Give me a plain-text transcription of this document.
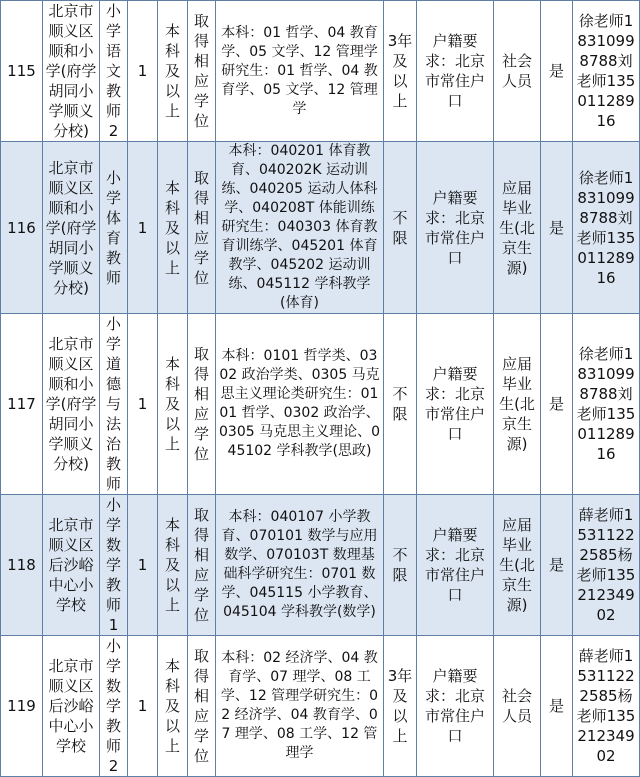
115	北京市顺义区顺和小学(府学胡同小学顺义分校)	小学语文教师2	1	本科及以上	取得相应学位	本科：01 哲学、04 教育学、05 文学、12 管理学研究生：01 哲学、04 教育学、05 文学、12 管理学	3年及以上	户籍要求：北京市常住户口	社会人员	是	徐老师18310998788刘老师13501128916
116	北京市顺义区顺和小学(府学胡同小学顺义分校)	小学体育教师	1	本科及以上	取得相应学位	本科：040201 体育教育、040202K 运动训练、040205 运动人体科学、040208T 体能训练研究生：040303 体育教育训练学、045201 体育教学、045202 运动训练、045112 学科教学(体育)	不限	户籍要求：北京市常住户口	应届毕业生(北京生源)	是	徐老师18310998788刘老师13501128916
117	北京市顺义区顺和小学(府学胡同小学顺义分校)	小学道德与法治教师	1	本科及以上	取得相应学位	本科：0101 哲学类、0302 政治学类、0305 马克思主义理论类研究生：0101 哲学、0302 政治学、0305 马克思主义理论、045102 学科教学(思政)	不限	户籍要求：北京市常住户口	应届毕业生(北京生源)	是	徐老师18310998788刘老师13501128916
118	北京市顺义区后沙峪中心小学校	小学数学教师1	1	本科及以上	取得相应学位	本科：040107 小学教育、070101 数学与应用数学、070103T 数理基础科学研究生：0701 数学、045115 小学教育、045104 学科教学(数学)	不限	户籍要求：北京市常住户口	应届毕业生(北京生源)	是	薛老师15311222585杨老师13521234902
119	北京市顺义区后沙峪中心小学校	小学数学教师2	1	本科及以上	取得相应学位	本科：02 经济学、04 教育学、07 理学、08 工学、12 管理学研究生：02 经济学、04 教育学、07 理学、08 工学、12 管理学	3年及以上	户籍要求：北京市常住户口	社会人员	是	薛老师15311222585杨老师13521234902
